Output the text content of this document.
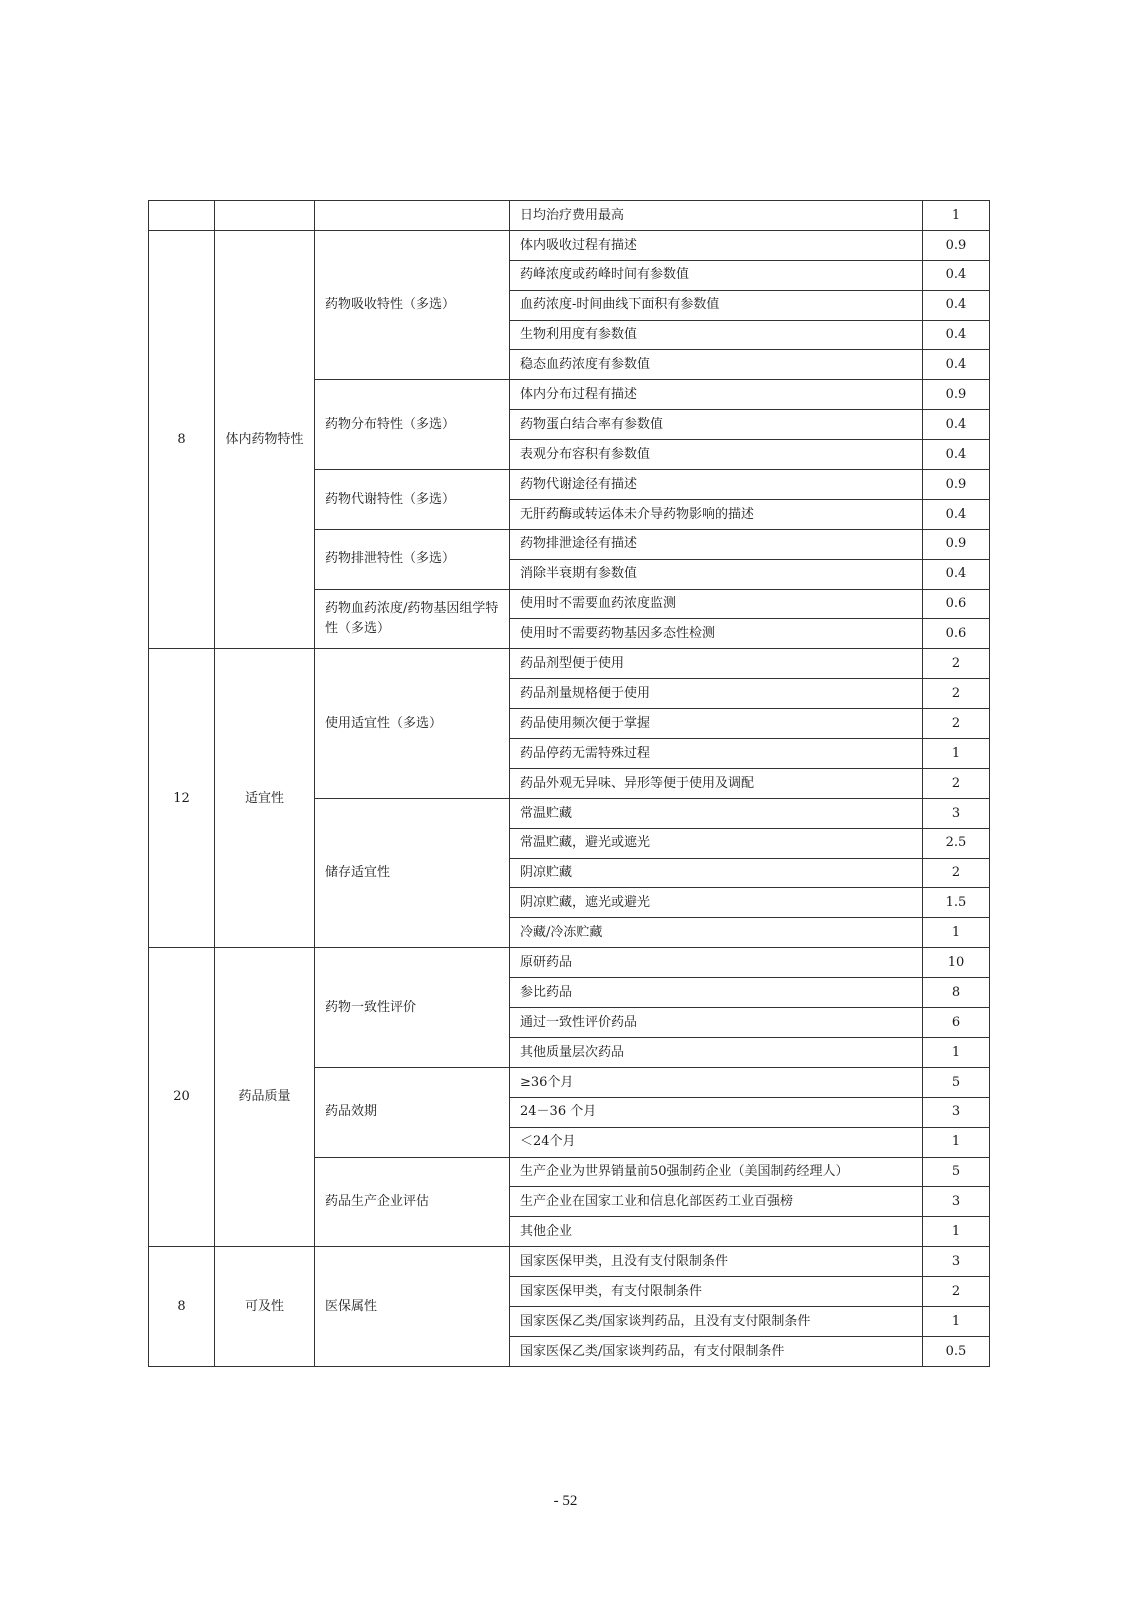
			日均治疗费用最高	1
8	体内药物特性	药物吸收特性（多选）	体内吸收过程有描述	0.9
			药峰浓度或药峰时间有参数值	0.4
			血药浓度-时间曲线下面积有参数值	0.4
			生物利用度有参数值	0.4
			稳态血药浓度有参数值	0.4
		药物分布特性（多选）	体内分布过程有描述	0.9
			药物蛋白结合率有参数值	0.4
			表观分布容积有参数值	0.4
		药物代谢特性（多选）	药物代谢途径有描述	0.9
			无肝药酶或转运体未介导药物影响的描述	0.4
		药物排泄特性（多选）	药物排泄途径有描述	0.9
			消除半衰期有参数值	0.4
		药物血药浓度/药物基因组学特性（多选）	使用时不需要血药浓度监测	0.6
			使用时不需要药物基因多态性检测	0.6
12	适宜性	使用适宜性（多选）	药品剂型便于使用	2
			药品剂量规格便于使用	2
			药品使用频次便于掌握	2
			药品停药无需特殊过程	1
			药品外观无异味、异形等便于使用及调配	2
		储存适宜性	常温贮藏	3
			常温贮藏，避光或遮光	2.5
			阴凉贮藏	2
			阴凉贮藏，遮光或避光	1.5
			冷藏/冷冻贮藏	1
20	药品质量	药物一致性评价	原研药品	10
			参比药品	8
			通过一致性评价药品	6
			其他质量层次药品	1
		药品效期	≥36个月	5
			24－36 个月	3
			＜24个月	1
		药品生产企业评估	生产企业为世界销量前50强制药企业（美国制药经理人）	5
			生产企业在国家工业和信息化部医药工业百强榜	3
			其他企业	1
8	可及性	医保属性	国家医保甲类，且没有支付限制条件	3
			国家医保甲类，有支付限制条件	2
			国家医保乙类/国家谈判药品，且没有支付限制条件	1
			国家医保乙类/国家谈判药品，有支付限制条件	0.5
- 52
